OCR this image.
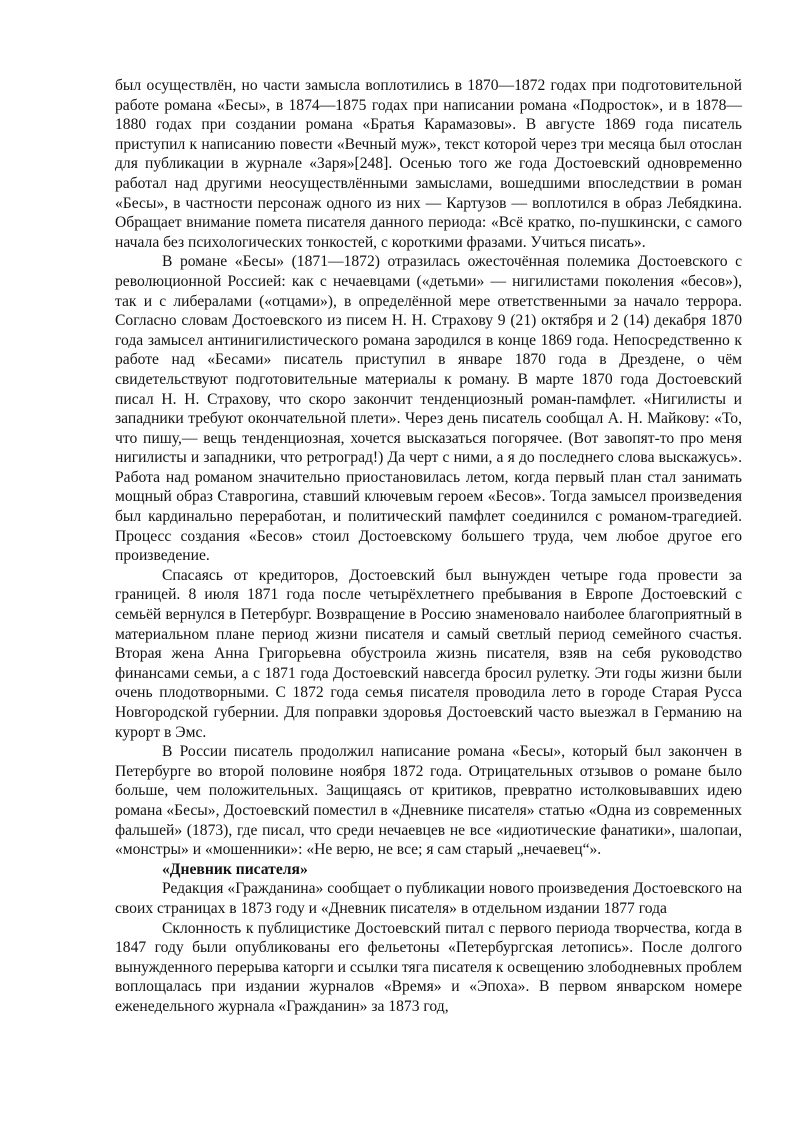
был осуществлён, но части замысла воплотились в 1870—1872 годах при подготовительной работе романа «Бесы», в 1874—1875 годах при написании романа «Подросток», и в 1878—1880 годах при создании романа «Братья Карамазовы». В августе 1869 года писатель приступил к написанию повести «Вечный муж», текст которой через три месяца был отослан для публикации в журнале «Заря»[248]. Осенью того же года Достоевский одновременно работал над другими неосуществлёнными замыслами, вошедшими впоследствии в роман «Бесы», в частности персонаж одного из них — Картузов — воплотился в образ Лебядкина. Обращает внимание помета писателя данного периода: «Всё кратко, по-пушкински, с самого начала без психологических тонкостей, с короткими фразами. Учиться писать».

В романе «Бесы» (1871—1872) отразилась ожесточённая полемика Достоевского с революционной Россией: как с нечаевцами («детьми» — нигилистами поколения «бесов»), так и с либералами («отцами»), в определённой мере ответственными за начало террора. Согласно словам Достоевского из писем Н. Н. Страхову 9 (21) октября и 2 (14) декабря 1870 года замысел антинигилистического романа зародился в конце 1869 года. Непосредственно к работе над «Бесами» писатель приступил в январе 1870 года в Дрездене, о чём свидетельствуют подготовительные материалы к роману. В марте 1870 года Достоевский писал Н. Н. Страхову, что скоро закончит тенденциозный роман-памфлет. «Нигилисты и западники требуют окончательной плети». Через день писатель сообщал А. Н. Майкову: «То, что пишу,— вещь тенденциозная, хочется высказаться погорячее. (Вот завопят-то про меня нигилисты и западники, что ретроград!) Да черт с ними, а я до последнего слова выскажусь». Работа над романом значительно приостановилась летом, когда первый план стал занимать мощный образ Ставрогина, ставший ключевым героем «Бесов». Тогда замысел произведения был кардинально переработан, и политический памфлет соединился с романом-трагедией. Процесс создания «Бесов» стоил Достоевскому большего труда, чем любое другое его произведение.

Спасаясь от кредиторов, Достоевский был вынужден четыре года провести за границей. 8 июля 1871 года после четырёхлетнего пребывания в Европе Достоевский с семьёй вернулся в Петербург. Возвращение в Россию знаменовало наиболее благоприятный в материальном плане период жизни писателя и самый светлый период семейного счастья. Вторая жена Анна Григорьевна обустроила жизнь писателя, взяв на себя руководство финансами семьи, а с 1871 года Достоевский навсегда бросил рулетку. Эти годы жизни были очень плодотворными. С 1872 года семья писателя проводила лето в городе Старая Русса Новгородской губернии. Для поправки здоровья Достоевский часто выезжал в Германию на курорт в Эмс.

В России писатель продолжил написание романа «Бесы», который был закончен в Петербурге во второй половине ноября 1872 года. Отрицательных отзывов о романе было больше, чем положительных. Защищаясь от критиков, превратно истолковывавших идею романа «Бесы», Достоевский поместил в «Дневнике писателя» статью «Одна из современных фальшей» (1873), где писал, что среди нечаевцев не все «идиотические фанатики», шалопаи, «монстры» и «мошенники»: «Не верю, не все; я сам старый „нечаевец“».

«Дневник писателя»

Редакция «Гражданина» сообщает о публикации нового произведения Достоевского на своих страницах в 1873 году и «Дневник писателя» в отдельном издании 1877 года

Склонность к публицистике Достоевский питал с первого периода творчества, когда в 1847 году были опубликованы его фельетоны «Петербургская летопись». После долгого вынужденного перерыва каторги и ссылки тяга писателя к освещению злободневных проблем воплощалась при издании журналов «Время» и «Эпоха». В первом январском номере еженедельного журнала «Гражданин» за 1873 год,
